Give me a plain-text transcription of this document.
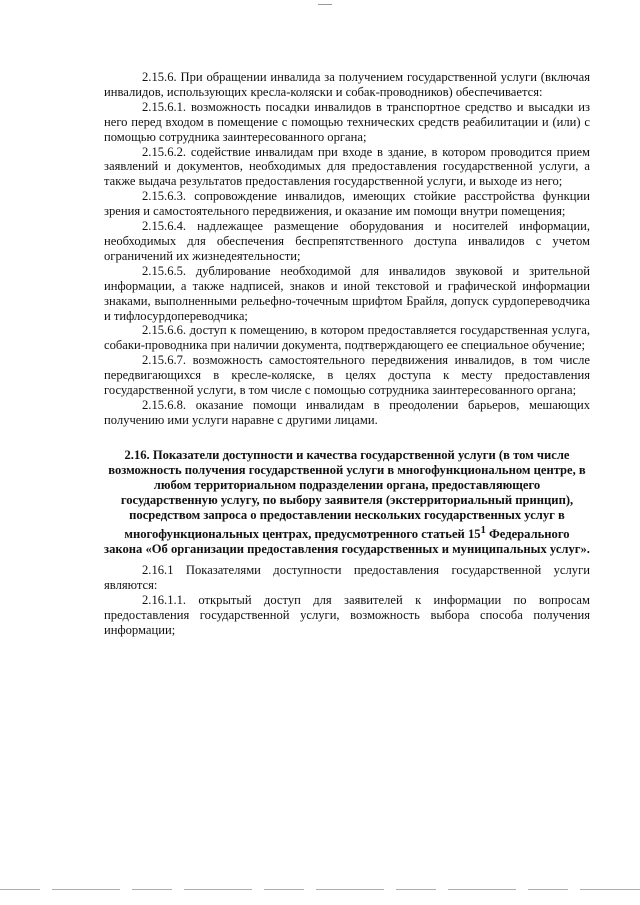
2.15.6. При обращении инвалида за получением государственной услуги (включая инвалидов, использующих кресла-коляски и собак-проводников) обеспечивается:

2.15.6.1. возможность посадки инвалидов в транспортное средство и высадки из него перед входом в помещение с помощью технических средств реабилитации и (или) с помощью сотрудника заинтересованного органа;

2.15.6.2. содействие инвалидам при входе в здание, в котором проводится прием заявлений и документов, необходимых для предоставления государственной услуги, а также выдача результатов предоставления государственной услуги, и выходе из него;

2.15.6.3. сопровождение инвалидов, имеющих стойкие расстройства функции зрения и самостоятельного передвижения, и оказание им помощи внутри помещения;

2.15.6.4. надлежащее размещение оборудования и носителей информации, необходимых для обеспечения беспрепятственного доступа инвалидов с учетом ограничений их жизнедеятельности;

2.15.6.5. дублирование необходимой для инвалидов звуковой и зрительной информации, а также надписей, знаков и иной текстовой и графической информации знаками, выполненными рельефно-точечным шрифтом Брайля, допуск сурдопереводчика и тифлосурдопереводчика;

2.15.6.6. доступ к помещению, в котором предоставляется государственная услуга, собаки-проводника при наличии документа, подтверждающего ее специальное обучение;

2.15.6.7. возможность самостоятельного передвижения инвалидов, в том числе передвигающихся в кресле-коляске, в целях доступа к месту предоставления государственной услуги, в том числе с помощью сотрудника заинтересованного органа;

2.15.6.8. оказание помощи инвалидам в преодолении барьеров, мешающих получению ими услуги наравне с другими лицами.

2.16. Показатели доступности и качества государственной услуги (в том числе возможность получения государственной услуги в многофункциональном центре, в любом территориальном подразделении органа, предоставляющего государственную услугу, по выбору заявителя (экстерриториальный принцип), посредством запроса о предоставлении нескольких государственных услуг в многофункциональных центрах, предусмотренного статьей $15^1$ Федерального закона «Об организации предоставления государственных и муниципальных услуг».

2.16.1 Показателями доступности предоставления государственной услуги являются:

2.16.1.1. открытый доступ для заявителей к информации по вопросам предоставления государственной услуги, возможность выбора способа получения информации;
